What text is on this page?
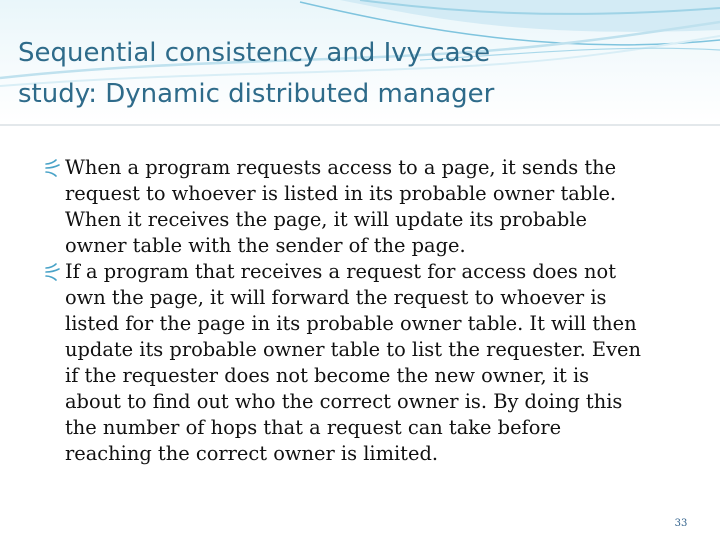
Sequential consistency and Ivy case
study: Dynamic distributed manager
When a program requests access to a page, it sends the
request to whoever is listed in its probable owner table.
When it receives the page, it will update its probable
owner table with the sender of the page.
If a program that receives a request for access does not
own the page, it will forward the request to whoever is
listed for the page in its probable owner table. It will then
update its probable owner table to list the requester. Even
if the requester does not become the new owner, it is
about to find out who the correct owner is. By doing this
the number of hops that a request can take before
reaching the correct owner is limited.
33
